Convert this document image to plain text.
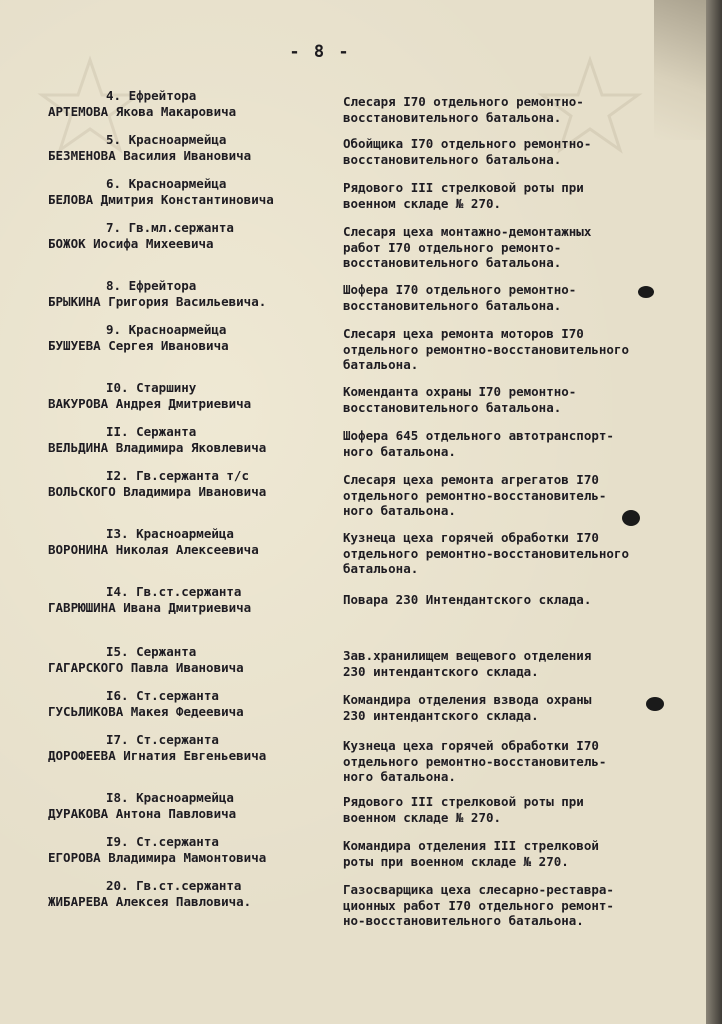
- 8 -
4. Ефрейтора
АРТЕМОВА Якова Макаровича
Слесаря I70 отдельного ремонтно-
восстановительного батальона.
5. Красноармейца
БЕЗМЕНОВА Василия Ивановича
Обойщика I70 отдельного ремонтно-
восстановительного батальона.
6. Красноармейца
БЕЛОВА Дмитрия Константиновича
Рядового III стрелковой роты при
военном складе № 270.
7. Гв.мл.сержанта
БОЖОК Иосифа Михеевича
Слесаря цеха монтажно-демонтажных
работ I70 отдельного ремонто-
восстановительного батальона.
8. Ефрейтора
БРЫКИНА Григория Васильевича.
Шофера I70 отдельного ремонтно-
восстановительного батальона.
9. Красноармейца
БУШУЕВА Сергея Ивановича
Слесаря цеха ремонта моторов I70
отдельного ремонтно-восстановительного
батальона.
I0. Старшину
ВАКУРОВА Андрея Дмитриевича
Коменданта охраны I70 ремонтно-
восстановительного батальона.
II. Сержанта
ВЕЛЬДИНА Владимира Яковлевича
Шофера 645 отдельного автотранспорт-
ного батальона.
I2. Гв.сержанта т/с
ВОЛЬСКОГО Владимира Ивановича
Слесаря цеха ремонта агрегатов I70
отдельного ремонтно-восстановитель-
ного батальона.
I3. Красноармейца
ВОРОНИНА Николая Алексеевича
Кузнеца цеха горячей обработки I70
отдельного ремонтно-восстановительного
батальона.
I4. Гв.ст.сержанта
ГАВРЮШИНА Ивана Дмитриевича
Повара 230 Интендантского склада.
I5. Сержанта
ГАГАРСКОГО Павла Ивановича
Зав.хранилищем вещевого отделения
230 интендантского склада.
I6. Ст.сержанта
ГУСЬЛИКОВА Макея Федеевича
Командира отделения взвода охраны
230 интендантского склада.
I7. Ст.сержанта
ДОРОФЕЕВА Игнатия Евгеньевича
Кузнеца цеха горячей обработки I70
отдельного ремонтно-восстановитель-
ного батальона.
I8. Красноармейца
ДУРАКОВА Антона Павловича
Рядового III стрелковой роты при
военном складе № 270.
I9. Ст.сержанта
ЕГОРОВА Владимира Мамонтовича
Командира отделения III стрелковой
роты при военном складе № 270.
20. Гв.ст.сержанта
ЖИБАРЕВА Алексея Павловича.
Газосварщика цеха слесарно-реставра-
ционных работ I70 отдельного ремонт-
но-восстановительного батальона.
